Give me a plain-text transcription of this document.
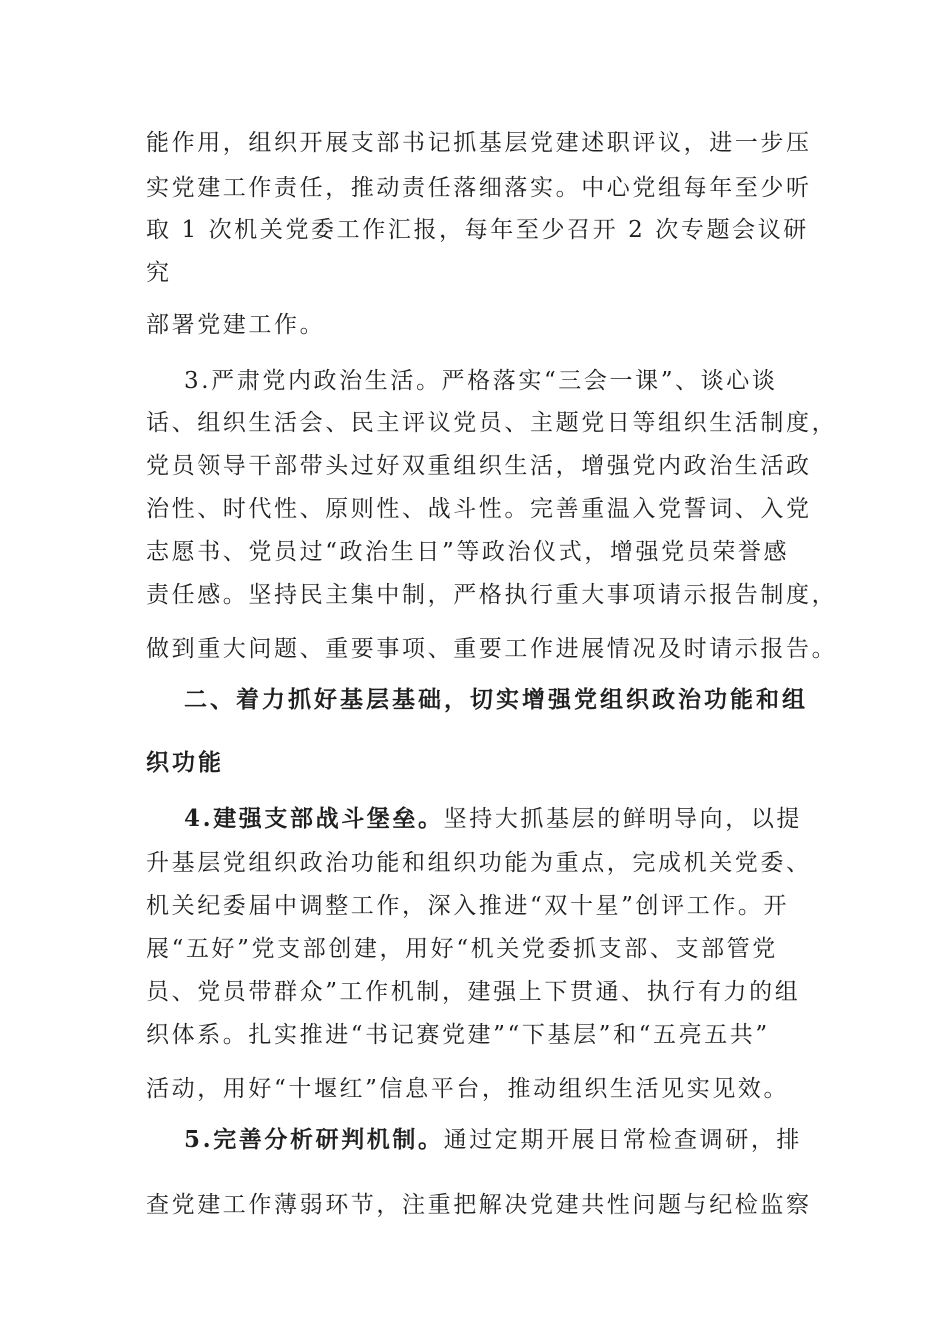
能作用，组织开展支部书记抓基层党建述职评议，进一步压
实党建工作责任，推动责任落细落实。中心党组每年至少听
取 1 次机关党委工作汇报，每年至少召开 2 次专题会议研
究
部署党建工作。
3.严肃党内政治生活。严格落实“三会一课”、谈心谈
话、组织生活会、民主评议党员、主题党日等组织生活制度，
党员领导干部带头过好双重组织生活，增强党内政治生活政
治性、时代性、原则性、战斗性。完善重温入党誓词、入党
志愿书、党员过“政治生日”等政治仪式，增强党员荣誉感
责任感。坚持民主集中制，严格执行重大事项请示报告制度，
做到重大问题、重要事项、重要工作进展情况及时请示报告。
二、着力抓好基层基础，切实增强党组织政治功能和组
织功能
4.建强支部战斗堡垒。坚持大抓基层的鲜明导向，以提
升基层党组织政治功能和组织功能为重点，完成机关党委、
机关纪委届中调整工作，深入推进“双十星”创评工作。开
展“五好”党支部创建，用好“机关党委抓支部、支部管党
员、党员带群众”工作机制，建强上下贯通、执行有力的组
织体系。扎实推进“书记赛党建”“下基层”和“五亮五共”
活动，用好“十堰红”信息平台，推动组织生活见实见效。
5.完善分析研判机制。通过定期开展日常检查调研，排
查党建工作薄弱环节，注重把解决党建共性问题与纪检监察
